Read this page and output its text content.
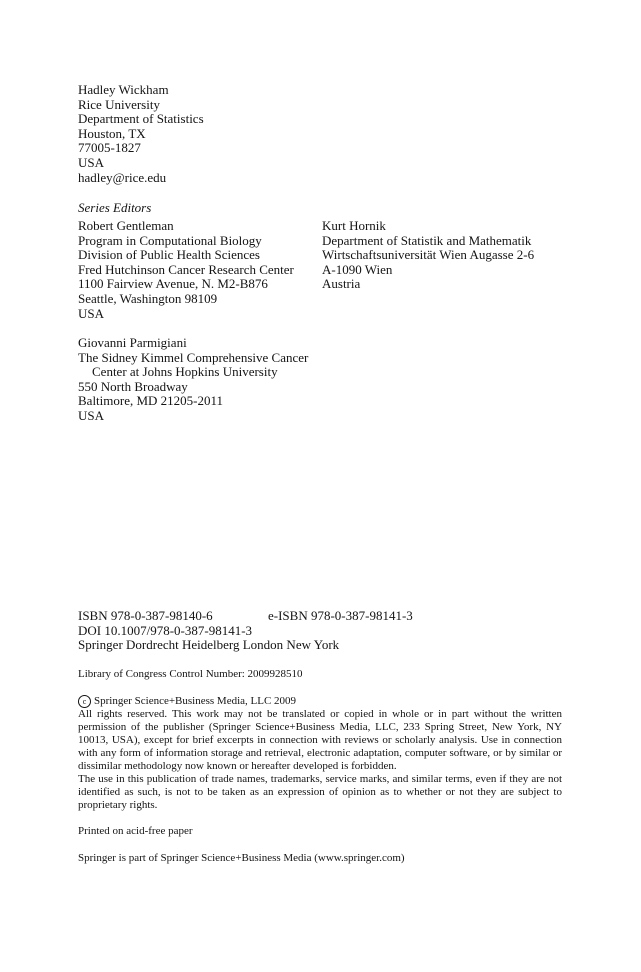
Hadley Wickham
Rice University
Department of Statistics
Houston, TX
77005-1827
USA
hadley@rice.edu
Series Editors
Robert Gentleman
Program in Computational Biology
Division of Public Health Sciences
Fred Hutchinson Cancer Research Center
1100 Fairview Avenue, N. M2-B876
Seattle, Washington 98109
USA
Kurt Hornik
Department of Statistik and Mathematik
Wirtschaftsuniversität Wien Augasse 2-6
A-1090 Wien
Austria
Giovanni Parmigiani
The Sidney Kimmel Comprehensive Cancer
Center at Johns Hopkins University
550 North Broadway
Baltimore, MD 21205-2011
USA
ISBN 978-0-387-98140-6	e-ISBN 978-0-387-98141-3
DOI 10.1007/978-0-387-98141-3
Springer Dordrecht Heidelberg London New York
Library of Congress Control Number: 2009928510
c Springer Science+Business Media, LLC 2009
All rights reserved. This work may not be translated or copied in whole or in part without the written permission of the publisher (Springer Science+Business Media, LLC, 233 Spring Street, New York, NY 10013, USA), except for brief excerpts in connection with reviews or scholarly analysis. Use in connection with any form of information storage and retrieval, electronic adaptation, computer software, or by similar or dissimilar methodology now known or hereafter developed is forbidden.
The use in this publication of trade names, trademarks, service marks, and similar terms, even if they are not identified as such, is not to be taken as an expression of opinion as to whether or not they are subject to proprietary rights.
Printed on acid-free paper
Springer is part of Springer Science+Business Media (www.springer.com)
